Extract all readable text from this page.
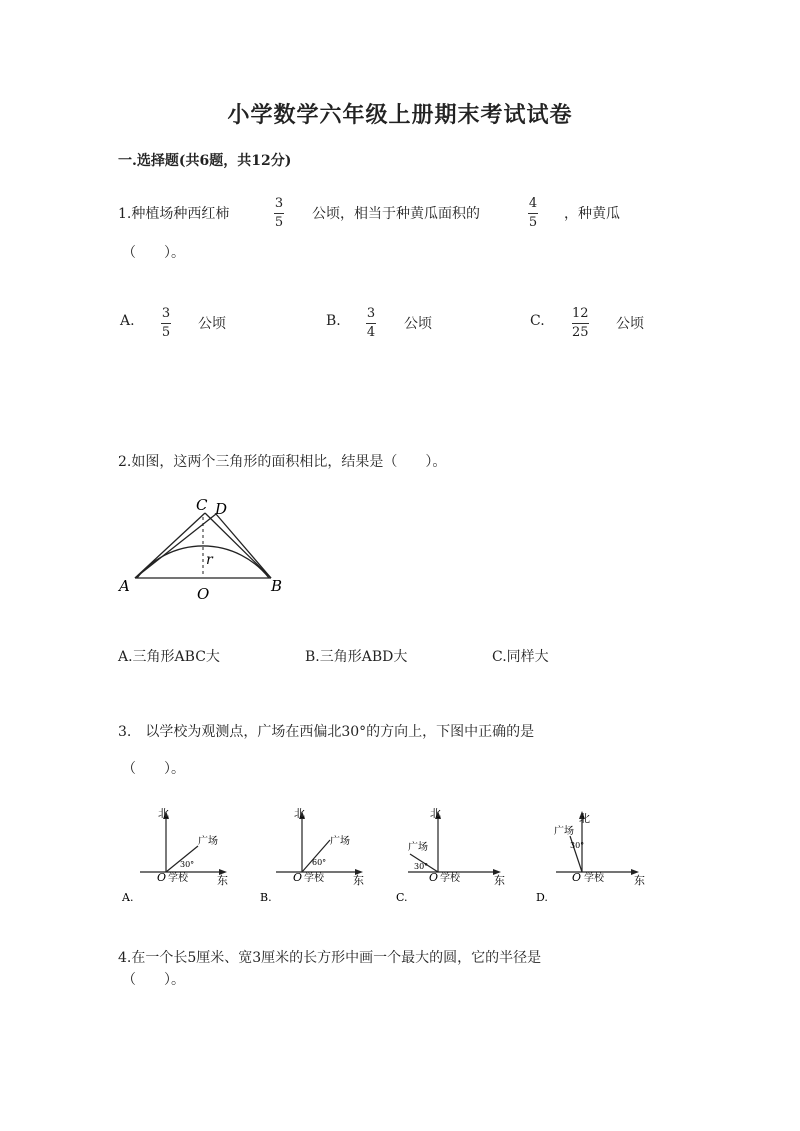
小学数学六年级上册期末考试试卷
一.选择题(共6题，共12分)
1.种植场种西红柿
3
5
公顷，相当于种黄瓜面积的
4
5
，种黄瓜
（　　）。
A. 3
5
公顷	B. 3
4
公顷	C. 12
25
公顷
2.如图，这两个三角形的面积相比，结果是（　　）。
A	B
C D
O
r
A.三角形ABC大	B.三角形ABD大	C.同样大
3.　以学校为观测点，广场在西偏北30°的方向上，下图中正确的是
（　　）。
北
东
O 学校
广场
30°
A.
北
东
O 学校
广场
60°
B.
北
东
O 学校
广场
30°
C.
北
东
O 学校
广场
30°
D.
4.在一个长5厘米、宽3厘米的长方形中画一个最大的圆，它的半径是
（　　）。
